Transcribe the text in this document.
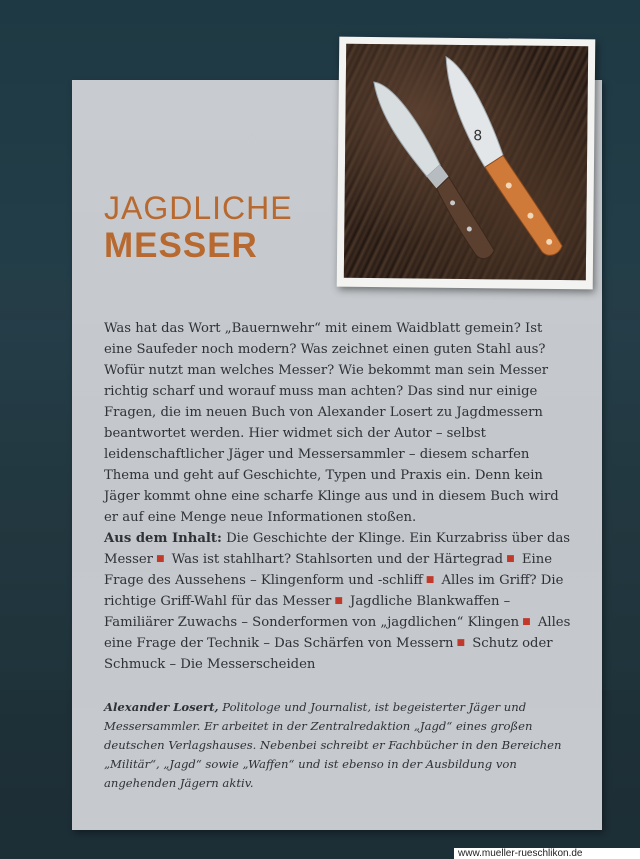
8
JAGDLICHE
MESSER

Was hat das Wort „Bauernwehr“ mit einem Waidblatt gemein? Ist eine Saufeder noch modern? Was zeichnet einen guten Stahl aus? Wofür nutzt man welches Messer? Wie bekommt man sein Messer richtig scharf und worauf muss man achten? Das sind nur einige Fragen, die im neuen Buch von Alexander Losert zu Jagdmessern beantwortet werden. Hier widmet sich der Autor – selbst leidenschaftlicher Jäger und Messersammler – diesem scharfen Thema und geht auf Geschichte, Typen und Praxis ein. Denn kein Jäger kommt ohne eine scharfe Klinge aus und in diesem Buch wird er auf eine Menge neue Informationen stoßen.

Aus dem Inhalt: Die Geschichte der Klinge. Ein Kurzabriss über das Messer ■ Was ist stahlhart? Stahlsorten und der Härtegrad ■ Eine Frage des Aussehens – Klingenform und -schliff ■ Alles im Griff? Die richtige Griff-Wahl für das Messer ■ Jagdliche Blankwaffen – Familiärer Zuwachs – Sonderformen von „jagdlichen“ Klingen ■ Alles eine Frage der Technik – Das Schärfen von Messern ■ Schutz oder Schmuck – Die Messerscheiden

Alexander Losert, Politologe und Journalist, ist begeisterter Jäger und Messersammler. Er arbeitet in der Zentralredaktion „Jagd“ eines großen deutschen Verlagshauses. Nebenbei schreibt er Fachbücher in den Bereichen „Militär“, „Jagd“ sowie „Waffen“ und ist ebenso in der Ausbildung von angehenden Jägern aktiv.

www.mueller-rueschlikon.de
